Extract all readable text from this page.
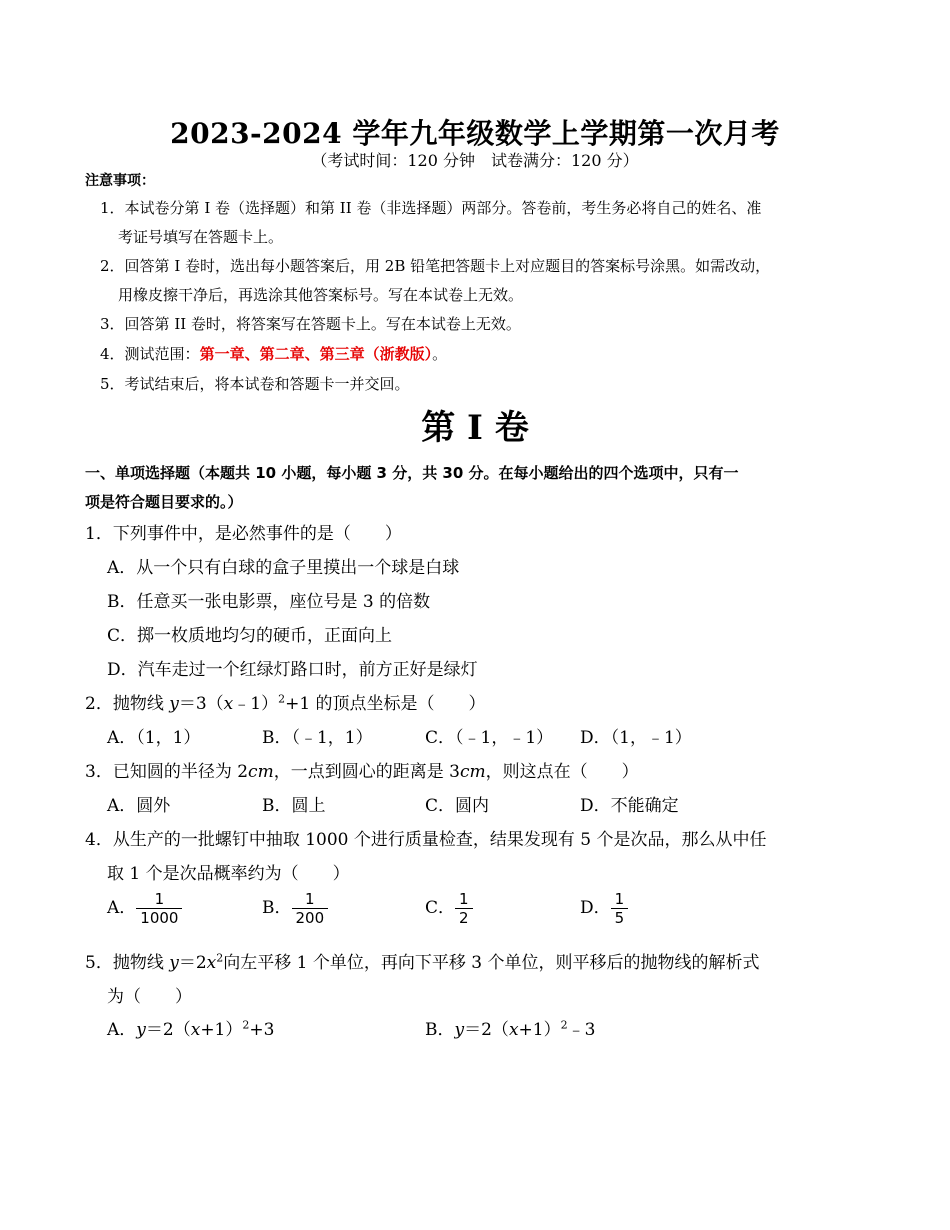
2023-2024 学年九年级数学上学期第一次月考
（考试时间：120 分钟　试卷满分：120 分）
注意事项：
1．本试卷分第 I 卷（选择题）和第 II 卷（非选择题）两部分。答卷前，考生务必将自己的姓名、准
考证号填写在答题卡上。
2．回答第 I 卷时，选出每小题答案后，用 2B 铅笔把答题卡上对应题目的答案标号涂黑。如需改动，
用橡皮擦干净后，再选涂其他答案标号。写在本试卷上无效。
3．回答第 II 卷时，将答案写在答题卡上。写在本试卷上无效。
4．测试范围：第一章、第二章、第三章（浙教版）。
5．考试结束后，将本试卷和答题卡一并交回。
第 I 卷
一、单项选择题（本题共 10 小题，每小题 3 分，共 30 分。在每小题给出的四个选项中，只有一
项是符合题目要求的。）
1．下列事件中，是必然事件的是（　　）
A．从一个只有白球的盒子里摸出一个球是白球
B．任意买一张电影票，座位号是 3 的倍数
C．掷一枚质地均匀的硬币，正面向上
D．汽车走过一个红绿灯路口时，前方正好是绿灯
2．抛物线 y＝3（x﹣1）$^2$+1 的顶点坐标是（　　）
A．（1，1）	B．（﹣1，1）	C．（﹣1，﹣1） D．（1，﹣1）
3．已知圆的半径为 2cm，一点到圆心的距离是 3cm，则这点在（　　）
A．圆外	B．圆上	C．圆内	D．不能确定
4．从生产的一批螺钉中抽取 1000 个进行质量检查，结果发现有 5 个是次品，那么从中任
取 1 个是次品概率约为（　　）
A． $\frac{1}{1000}$	B． $\frac{1}{200}$	C． $\frac{1}{2}$	D． $\frac{1}{5}$
5．抛物线 $y=2x^2$向左平移 1 个单位，再向下平移 3 个单位，则平移后的抛物线的解析式
为（　　）
A．$y=2(x+1)^2+3$	B．$y=2(x+1)^2﹣3$
